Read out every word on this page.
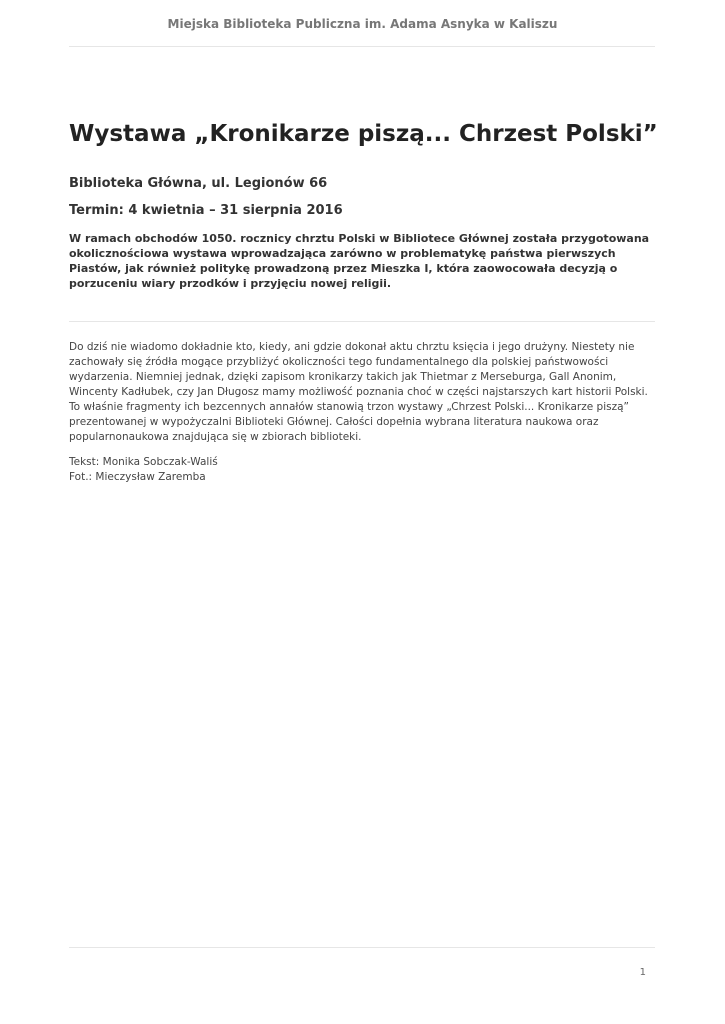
Miejska Biblioteka Publiczna im. Adama Asnyka w Kaliszu
Wystawa „Kronikarze piszą... Chrzest Polski”

Biblioteka Główna, ul. Legionów 66

Termin: 4 kwietnia – 31 sierpnia 2016

W ramach obchodów 1050. rocznicy chrztu Polski w Bibliotece Głównej została przygotowana okolicznościowa wystawa wprowadzająca zarówno w problematykę państwa pierwszych Piastów, jak również politykę prowadzoną przez Mieszka I, która zaowocowała decyzją o porzuceniu wiary przodków i przyjęciu nowej religii.

Do dziś nie wiadomo dokładnie kto, kiedy, ani gdzie dokonał aktu chrztu księcia i jego drużyny. Niestety nie zachowały się źródła mogące przybliżyć okoliczności tego fundamentalnego dla polskiej państwowości wydarzenia. Niemniej jednak, dzięki zapisom kronikarzy takich jak Thietmar z Merseburga, Gall Anonim, Wincenty Kadłubek, czy Jan Długosz mamy możliwość poznania choć w części najstarszych kart historii Polski. To właśnie fragmenty ich bezcennych annałów stanowią trzon wystawy „Chrzest Polski... Kronikarze piszą” prezentowanej w wypożyczalni Biblioteki Głównej. Całości dopełnia wybrana literatura naukowa oraz popularnonaukowa znajdująca się w zbiorach biblioteki.

Tekst: Monika Sobczak-Waliś
Fot.: Mieczysław Zaremba
1
